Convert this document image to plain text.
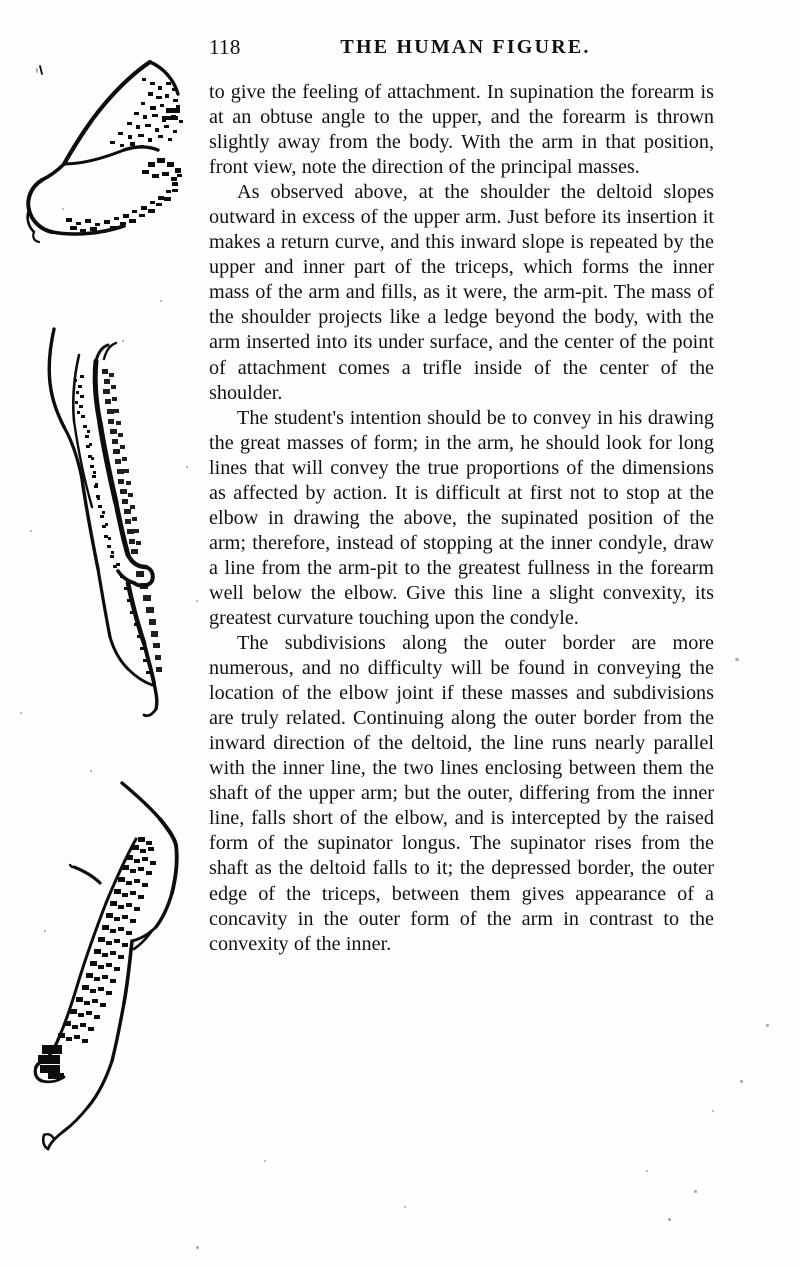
118	THE HUMAN FIGURE.

to give the feeling of attachment. In supination the forearm is at an obtuse angle to the upper, and the forearm is thrown slightly away from the body. With the arm in that position, front view, note the direction of the principal masses.

As observed above, at the shoulder the deltoid slopes outward in excess of the upper arm. Just before its insertion it makes a return curve, and this inward slope is repeated by the upper and inner part of the triceps, which forms the inner mass of the arm and fills, as it were, the arm-pit. The mass of the shoulder projects like a ledge beyond the body, with the arm inserted into its under surface, and the center of the point of attachment comes a trifle inside of the center of the shoulder.

The student's intention should be to convey in his drawing the great masses of form; in the arm, he should look for long lines that will convey the true proportions of the dimensions as affected by action. It is difficult at first not to stop at the elbow in drawing the above, the supinated position of the arm; therefore, instead of stopping at the inner condyle, draw a line from the arm-pit to the greatest fullness in the forearm well below the elbow. Give this line a slight convexity, its greatest curvature touching upon the condyle.

The subdivisions along the outer border are more numerous, and no difficulty will be found in conveying the location of the elbow joint if these masses and subdivisions are truly related. Continuing along the outer border from the inward direction of the deltoid, the line runs nearly parallel with the inner line, the two lines enclosing between them the shaft of the upper arm; but the outer, differing from the inner line, falls short of the elbow, and is intercepted by the raised form of the supinator longus. The supinator rises from the shaft as the deltoid falls to it; the depressed border, the outer edge of the triceps, between them gives appearance of a concavity in the outer form of the arm in contrast to the convexity of the inner.
